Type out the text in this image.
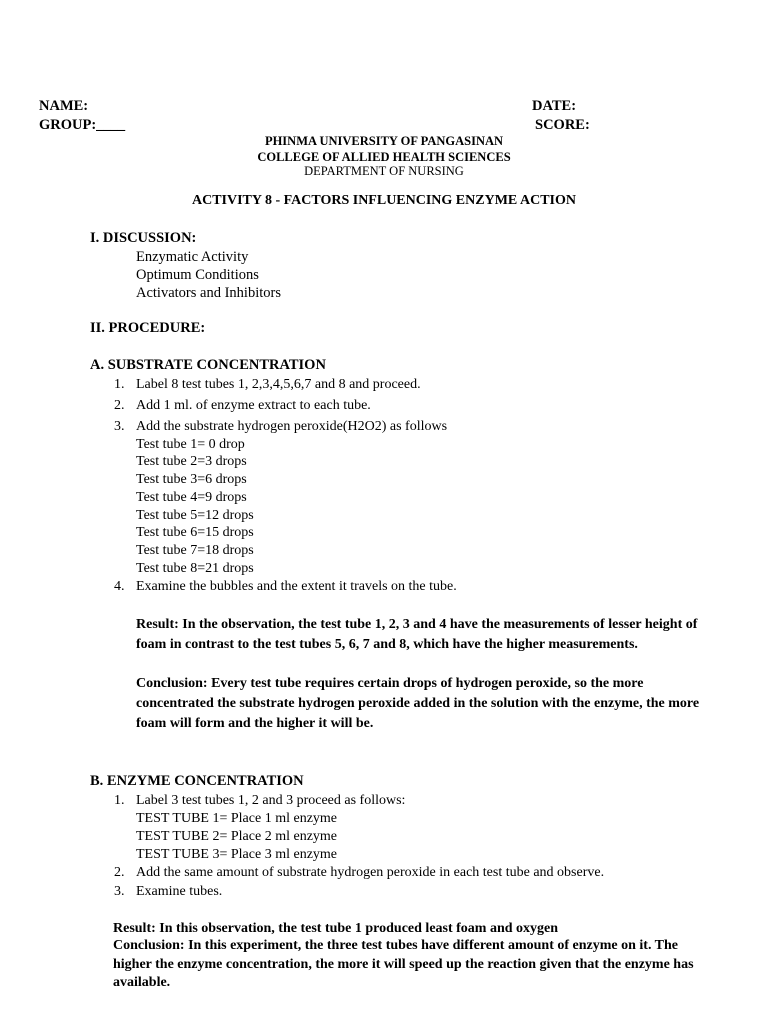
NAME:
GROUP:____
DATE:
SCORE:
PHINMA UNIVERSITY OF PANGASINAN
COLLEGE OF ALLIED HEALTH SCIENCES
DEPARTMENT OF NURSING
ACTIVITY 8 - FACTORS INFLUENCING ENZYME ACTION
I. DISCUSSION:
Enzymatic Activity
Optimum Conditions
Activators and Inhibitors
II. PROCEDURE:
A. SUBSTRATE CONCENTRATION
1. Label 8 test tubes 1, 2,3,4,5,6,7 and 8 and proceed.
2. Add 1 ml. of enzyme extract to each tube.
3. Add the substrate hydrogen peroxide(H2O2) as follows
Test tube 1= 0 drop
Test tube 2=3 drops
Test tube 3=6 drops
Test tube 4=9 drops
Test tube 5=12 drops
Test tube 6=15 drops
Test tube 7=18 drops
Test tube 8=21 drops
4. Examine the bubbles and the extent it travels on the tube.
Result: In the observation, the test tube 1, 2, 3 and 4 have the measurements of lesser height of foam in contrast to the test tubes 5, 6, 7 and 8, which have the higher measurements.
Conclusion: Every test tube requires certain drops of hydrogen peroxide, so the more concentrated the substrate hydrogen peroxide added in the solution with the enzyme, the more foam will form and the higher it will be.
B. ENZYME CONCENTRATION
1. Label 3 test tubes 1, 2 and 3 proceed as follows:
TEST TUBE 1= Place 1 ml enzyme
TEST TUBE 2= Place 2 ml enzyme
TEST TUBE 3= Place 3 ml enzyme
2. Add the same amount of substrate hydrogen peroxide in each test tube and observe.
3. Examine tubes.
Result: In this observation, the test tube 1 produced least foam and oxygen
Conclusion: In this experiment, the three test tubes have different amount of enzyme on it. The higher the enzyme concentration, the more it will speed up the reaction given that the enzyme has available.
